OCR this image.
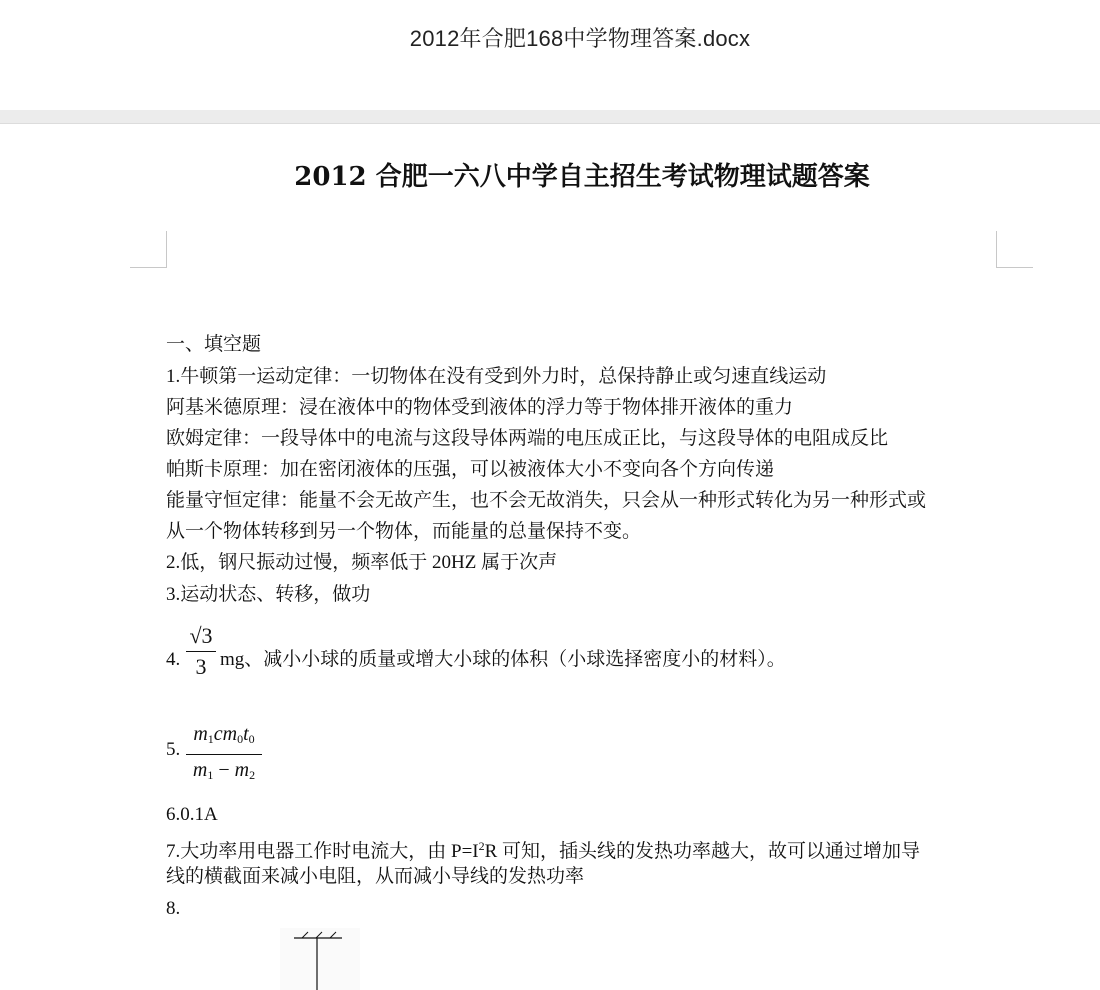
2012年合肥168中学物理答案.docx
2012 合肥一六八中学自主招生考试物理试题答案
一、填空题
1.牛顿第一运动定律：一切物体在没有受到外力时，总保持静止或匀速直线运动
阿基米德原理：浸在液体中的物体受到液体的浮力等于物体排开液体的重力
欧姆定律：一段导体中的电流与这段导体两端的电压成正比，与这段导体的电阻成反比
帕斯卡原理：加在密闭液体的压强，可以被液体大小不变向各个方向传递
能量守恒定律：能量不会无故产生，也不会无故消失，只会从一种形式转化为另一种形式或
从一个物体转移到另一个物体，而能量的总量保持不变。
2.低，钢尺振动过慢，频率低于 20HZ 属于次声
3.运动状态、转移，做功
4.
√3
3 mg、减小小球的质量或增大小球的体积（小球选择密度小的材料）。
5.
$m_1cm_0t_0$
$m_1 - m_2$
6.0.1A
7.大功率用电器工作时电流大，由 $P=I^2R$ 可知，插头线的发热功率越大，故可以通过增加导
线的横截面来减小电阻，从而减小导线的发热功率
8.
